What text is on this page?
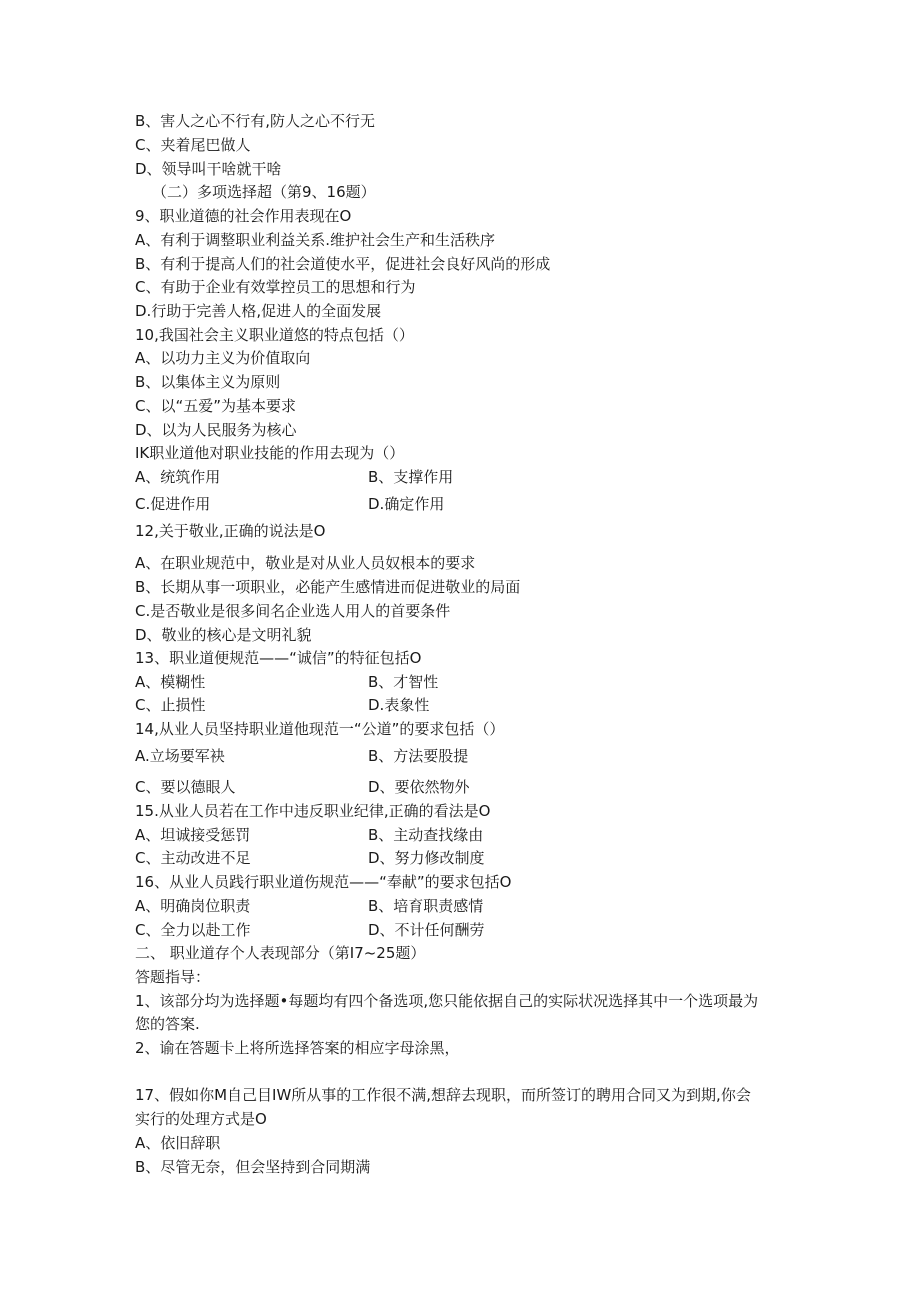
B、害人之心不行有,防人之心不行无
C、夹着尾巴做人
D、领导叫干啥就干啥
（二）多项选择超（第9、16题）
9、职业道德的社会作用表现在O
A、有利于调整职业利益关系.维护社会生产和生活秩序
B、有利于提高人们的社会道使水平，促进社会良好风尚的形成
C、有助于企业有效掌控员工的思想和行为
D.行助于完善人格,促进人的全面发展
10,我国社会主义职业道悠的特点包括（）
A、以功力主义为价值取向
B、以集体主义为原则
C、以“五爱”为基本要求
D、以为人民服务为核心
IK职业道他对职业技能的作用去现为（）
A、统筑作用	B、支撑作用
C.促进作用	D.确定作用
12,关于敬业,正确的说法是O
A、在职业规范中，敬业是对从业人员奴根本的要求
B、长期从事一项职业，必能产生感情进而促进敬业的局面
C.是否敬业是很多间名企业选人用人的首要条件
D、敬业的核心是文明礼貌
13、职业道便规范——“诚信”的特征包括O
A、模糊性	B、才智性
C、止损性	D.表象性
14,从业人员坚持职业道他现范一“公道”的要求包括（）
A.立场要军袂	B、方法要股提
C、要以德眼人	D、要依然物外
15.从业人员若在工作中违反职业纪律,正确的看法是O
A、坦诚接受惩罚	B、主动查找缘由
C、主动改进不足	D、努力修改制度
16、从业人员践行职业道伤规范——“奉献”的要求包括O
A、明确岗位职责	B、培育职责感情
C、全力以赴工作	D、不计任何酬劳
二、 职业道存个人表现部分（第I7~25题）
答题指导：
1、该部分均为选择题•每题均有四个备选项,您只能依据自己的实际状况选择其中一个选项最为
您的答案.
2、谕在答题卡上将所选择答案的相应字母涂黑，
17、假如你M自己目IW所从事的工作很不满,想辞去现职，而所签订的聘用合同又为到期,你会
实行的处理方式是O
A、依旧辞职
B、尽管无奈，但会坚持到合同期满
